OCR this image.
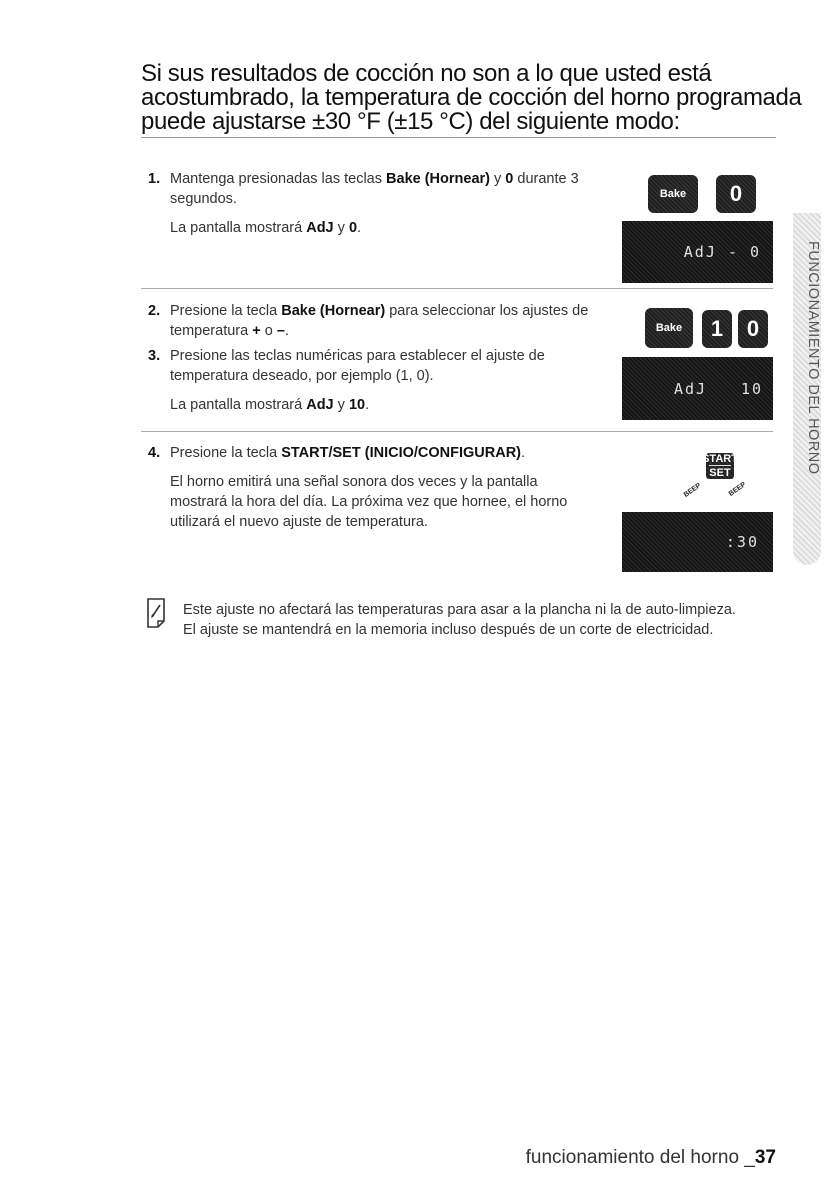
Si sus resultados de cocción no son a lo que usted está
acostumbrado, la temperatura de cocción del horno programada
puede ajustarse ±30 °F (±15 °C) del siguiente modo:
1. Mantenga presionadas las teclas Bake (Hornear) y 0 durante 3 segundos.

La pantalla mostrará AdJ y 0.

2. Presione la tecla Bake (Hornear) para seleccionar los ajustes de temperatura + o –.

3. Presione las teclas numéricas para establecer el ajuste de temperatura deseado, por ejemplo (1, 0).

La pantalla mostrará AdJ y 10.

4. Presione la tecla START/SET (INICIO/CONFIGURAR).

El horno emitirá una señal sonora dos veces y la pantalla mostrará la hora del día. La próxima vez que hornee, el horno utilizará el nuevo ajuste de temperatura.

Bake	0
AdJ - 0
Bake	1	0
AdJ 10
START
SET
BEEP	BEEP
:30
FUNCIONAMIENTO DEL HORNO
Este ajuste no afectará las temperaturas para asar a la plancha ni la de auto-limpieza.
El ajuste se mantendrá en la memoria incluso después de un corte de electricidad.
funcionamiento del horno _37
